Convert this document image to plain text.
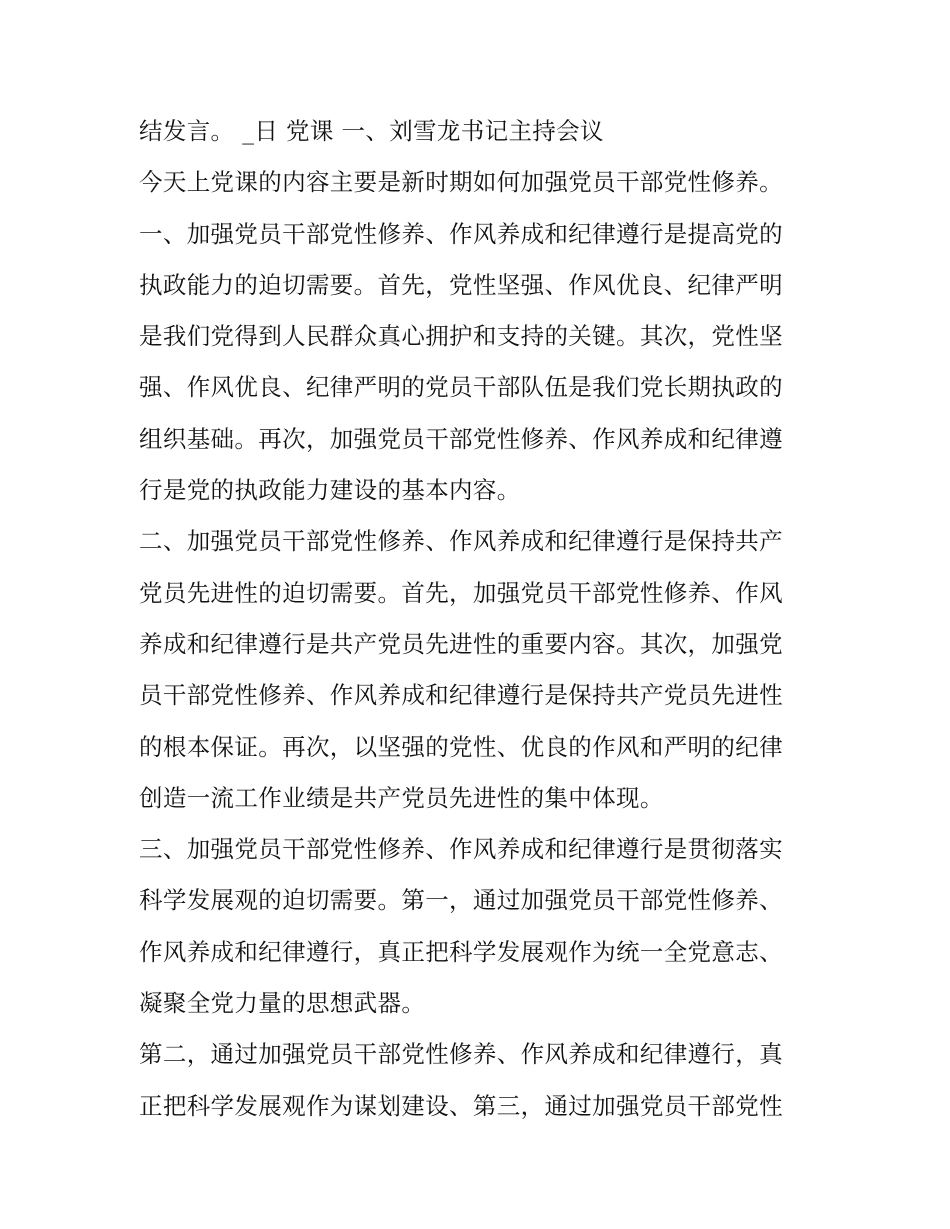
结发言。 _日 党课 一、刘雪龙书记主持会议
今天上党课的内容主要是新时期如何加强党员干部党性修养。
一、加强党员干部党性修养、作风养成和纪律遵行是提高党的
执政能力的迫切需要。首先，党性坚强、作风优良、纪律严明
是我们党得到人民群众真心拥护和支持的关键。其次，党性坚
强、作风优良、纪律严明的党员干部队伍是我们党长期执政的
组织基础。再次，加强党员干部党性修养、作风养成和纪律遵
行是党的执政能力建设的基本内容。
二、加强党员干部党性修养、作风养成和纪律遵行是保持共产
党员先进性的迫切需要。首先，加强党员干部党性修养、作风
养成和纪律遵行是共产党员先进性的重要内容。其次，加强党
员干部党性修养、作风养成和纪律遵行是保持共产党员先进性
的根本保证。再次，以坚强的党性、优良的作风和严明的纪律
创造一流工作业绩是共产党员先进性的集中体现。
三、加强党员干部党性修养、作风养成和纪律遵行是贯彻落实
科学发展观的迫切需要。第一，通过加强党员干部党性修养、
作风养成和纪律遵行，真正把科学发展观作为统一全党意志、
凝聚全党力量的思想武器。
第二，通过加强党员干部党性修养、作风养成和纪律遵行，真
正把科学发展观作为谋划建设、第三，通过加强党员干部党性
